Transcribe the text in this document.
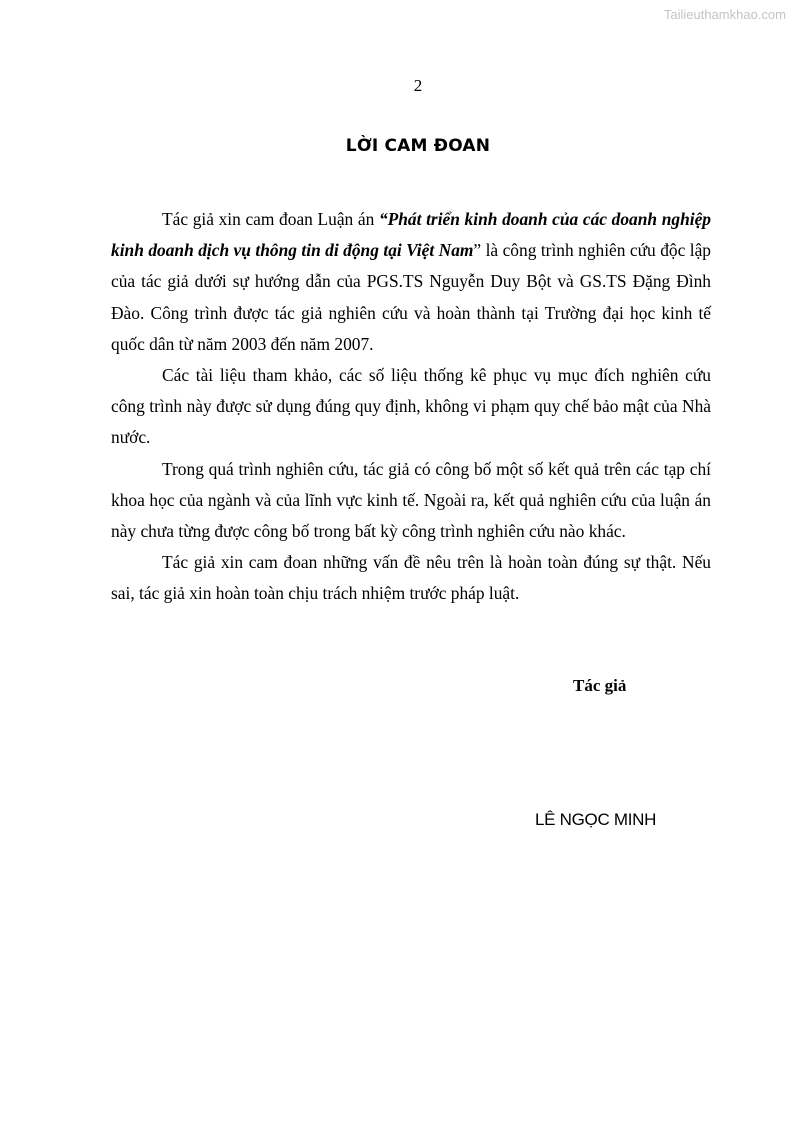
Tailieuthamkhao.com
2
LỜI CAM ĐOAN

Tác giả xin cam đoan Luận án “Phát triển kinh doanh của các doanh nghiệp kinh doanh dịch vụ thông tin di động tại Việt Nam” là công trình nghiên cứu độc lập của tác giả dưới sự hướng dẫn của PGS.TS Nguyễn Duy Bột và GS.TS Đặng Đình Đào. Công trình được tác giả nghiên cứu và hoàn thành tại Trường đại học kinh tế quốc dân từ năm 2003 đến năm 2007.

Các tài liệu tham khảo, các số liệu thống kê phục vụ mục đích nghiên cứu công trình này được sử dụng đúng quy định, không vi phạm quy chế bảo mật của Nhà nước.

Trong quá trình nghiên cứu, tác giả có công bố một số kết quả trên các tạp chí khoa học của ngành và của lĩnh vực kinh tế. Ngoài ra, kết quả nghiên cứu của luận án này chưa từng được công bố trong bất kỳ công trình nghiên cứu nào khác.

Tác giả xin cam đoan những vấn đề nêu trên là hoàn toàn đúng sự thật. Nếu sai, tác giả xin hoàn toàn chịu trách nhiệm trước pháp luật.

Tác giả
LÊ NGỌC MINH
